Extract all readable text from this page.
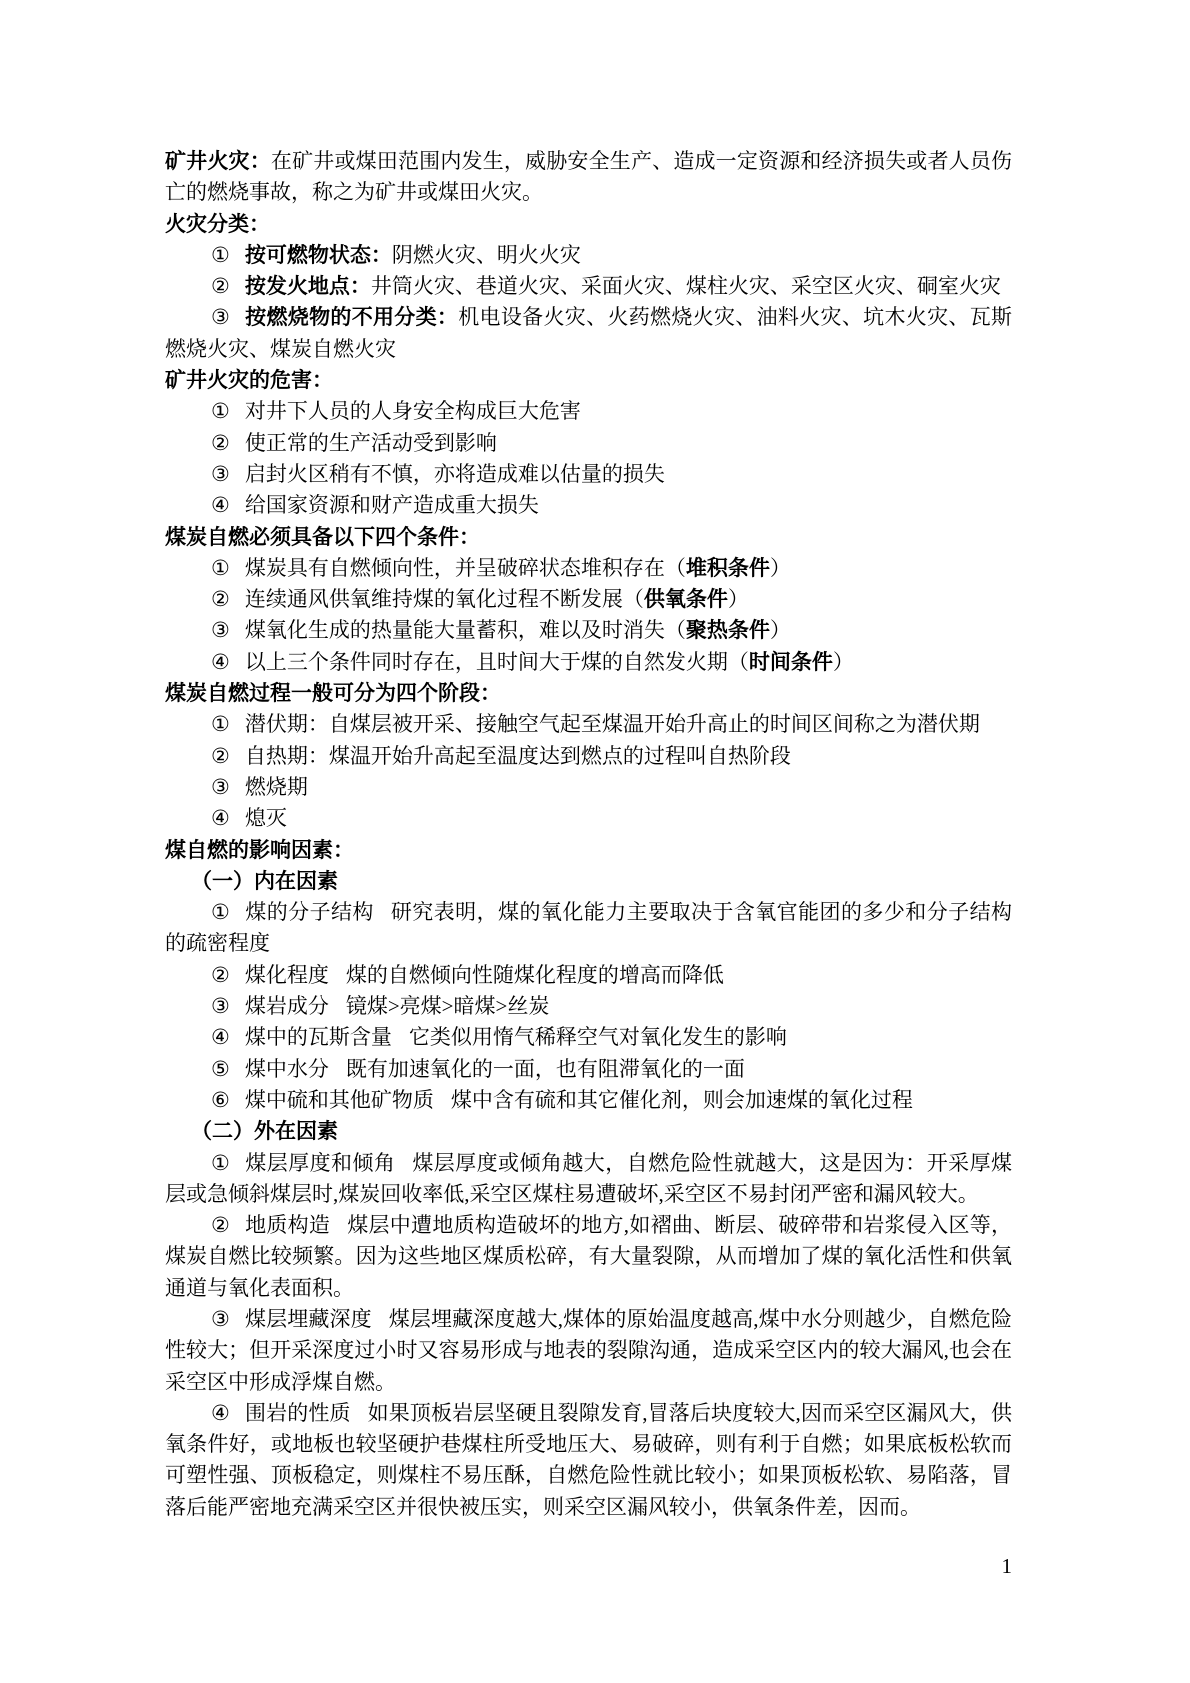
矿井火灾：在矿井或煤田范围内发生，威胁安全生产、造成一定资源和经济损失或者人员伤亡的燃烧事故，称之为矿井或煤田火灾。

火灾分类：

① 按可燃物状态：阴燃火灾、明火火灾

② 按发火地点：井筒火灾、巷道火灾、采面火灾、煤柱火灾、采空区火灾、硐室火灾

③ 按燃烧物的不用分类：机电设备火灾、火药燃烧火灾、油料火灾、坑木火灾、瓦斯燃烧火灾、煤炭自燃火灾

矿井火灾的危害：

① 对井下人员的人身安全构成巨大危害

② 使正常的生产活动受到影响

③ 启封火区稍有不慎，亦将造成难以估量的损失

④ 给国家资源和财产造成重大损失

煤炭自燃必须具备以下四个条件：

① 煤炭具有自燃倾向性，并呈破碎状态堆积存在（堆积条件）

② 连续通风供氧维持煤的氧化过程不断发展（供氧条件）

③ 煤氧化生成的热量能大量蓄积，难以及时消失（聚热条件）

④ 以上三个条件同时存在，且时间大于煤的自然发火期（时间条件）

煤炭自燃过程一般可分为四个阶段：

① 潜伏期：自煤层被开采、接触空气起至煤温开始升高止的时间区间称之为潜伏期

② 自热期：煤温开始升高起至温度达到燃点的过程叫自热阶段

③ 燃烧期

④ 熄灭

煤自燃的影响因素：

（一）内在因素

① 煤的分子结构 研究表明，煤的氧化能力主要取决于含氧官能团的多少和分子结构的疏密程度

② 煤化程度 煤的自燃倾向性随煤化程度的增高而降低

③ 煤岩成分 镜煤>亮煤>暗煤>丝炭

④ 煤中的瓦斯含量 它类似用惰气稀释空气对氧化发生的影响

⑤ 煤中水分 既有加速氧化的一面，也有阻滞氧化的一面

⑥ 煤中硫和其他矿物质 煤中含有硫和其它催化剂，则会加速煤的氧化过程

（二）外在因素

① 煤层厚度和倾角 煤层厚度或倾角越大，自燃危险性就越大，这是因为：开采厚煤层或急倾斜煤层时,煤炭回收率低,采空区煤柱易遭破坏,采空区不易封闭严密和漏风较大。

② 地质构造 煤层中遭地质构造破坏的地方,如褶曲、断层、破碎带和岩浆侵入区等，煤炭自燃比较频繁。因为这些地区煤质松碎，有大量裂隙，从而增加了煤的氧化活性和供氧通道与氧化表面积。

③ 煤层埋藏深度 煤层埋藏深度越大,煤体的原始温度越高,煤中水分则越少，自燃危险性较大；但开采深度过小时又容易形成与地表的裂隙沟通，造成采空区内的较大漏风,也会在采空区中形成浮煤自燃。

④ 围岩的性质 如果顶板岩层坚硬且裂隙发育,冒落后块度较大,因而采空区漏风大，供氧条件好，或地板也较坚硬护巷煤柱所受地压大、易破碎，则有利于自燃；如果底板松软而可塑性强、顶板稳定，则煤柱不易压酥，自燃危险性就比较小；如果顶板松软、易陷落，冒落后能严密地充满采空区并很快被压实，则采空区漏风较小，供氧条件差，因而。

1
